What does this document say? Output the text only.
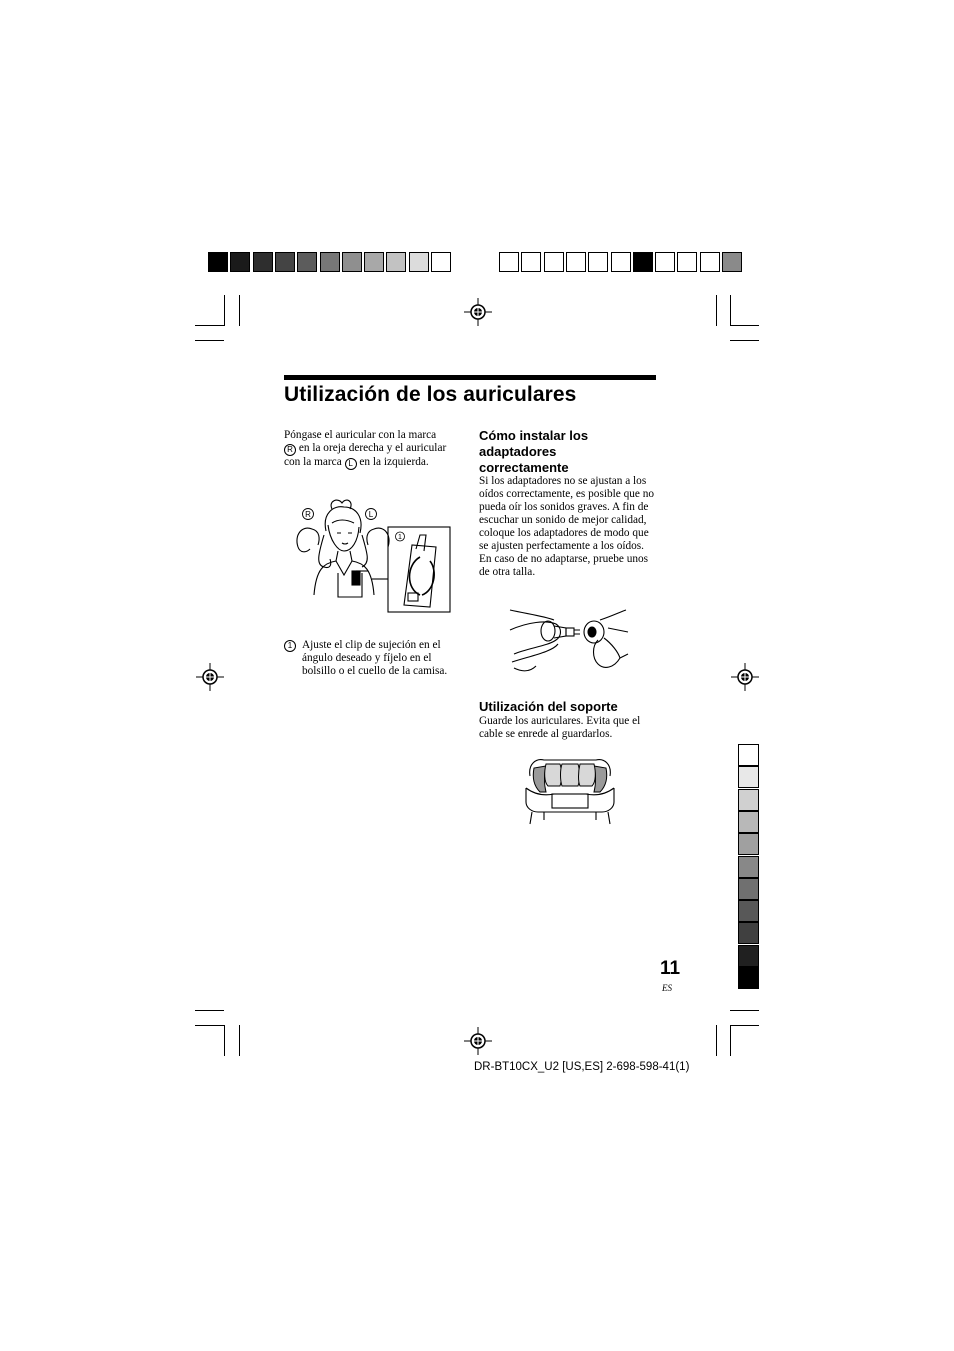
Utilización de los auriculares
Póngase el auricular con la marca
R en la oreja derecha y el auricular con la marca L en la izquierda.
R	L
1
1 Ajuste el clip de sujeción en el ángulo deseado y fíjelo en el bolsillo o el cuello de la camisa.
Cómo instalar los adaptadores correctamente
Si los adaptadores no se ajustan a los oídos correctamente, es posible que no pueda oír los sonidos graves. A fin de escuchar un sonido de mejor calidad, coloque los adaptadores de modo que se ajusten perfectamente a los oídos. En caso de no adaptarse, pruebe unos de otra talla.
Utilización del soporte
Guarde los auriculares. Evita que el cable se enrede al guardarlos.
11
ES
DR-BT10CX_U2 [US,ES] 2-698-598-41(1)
